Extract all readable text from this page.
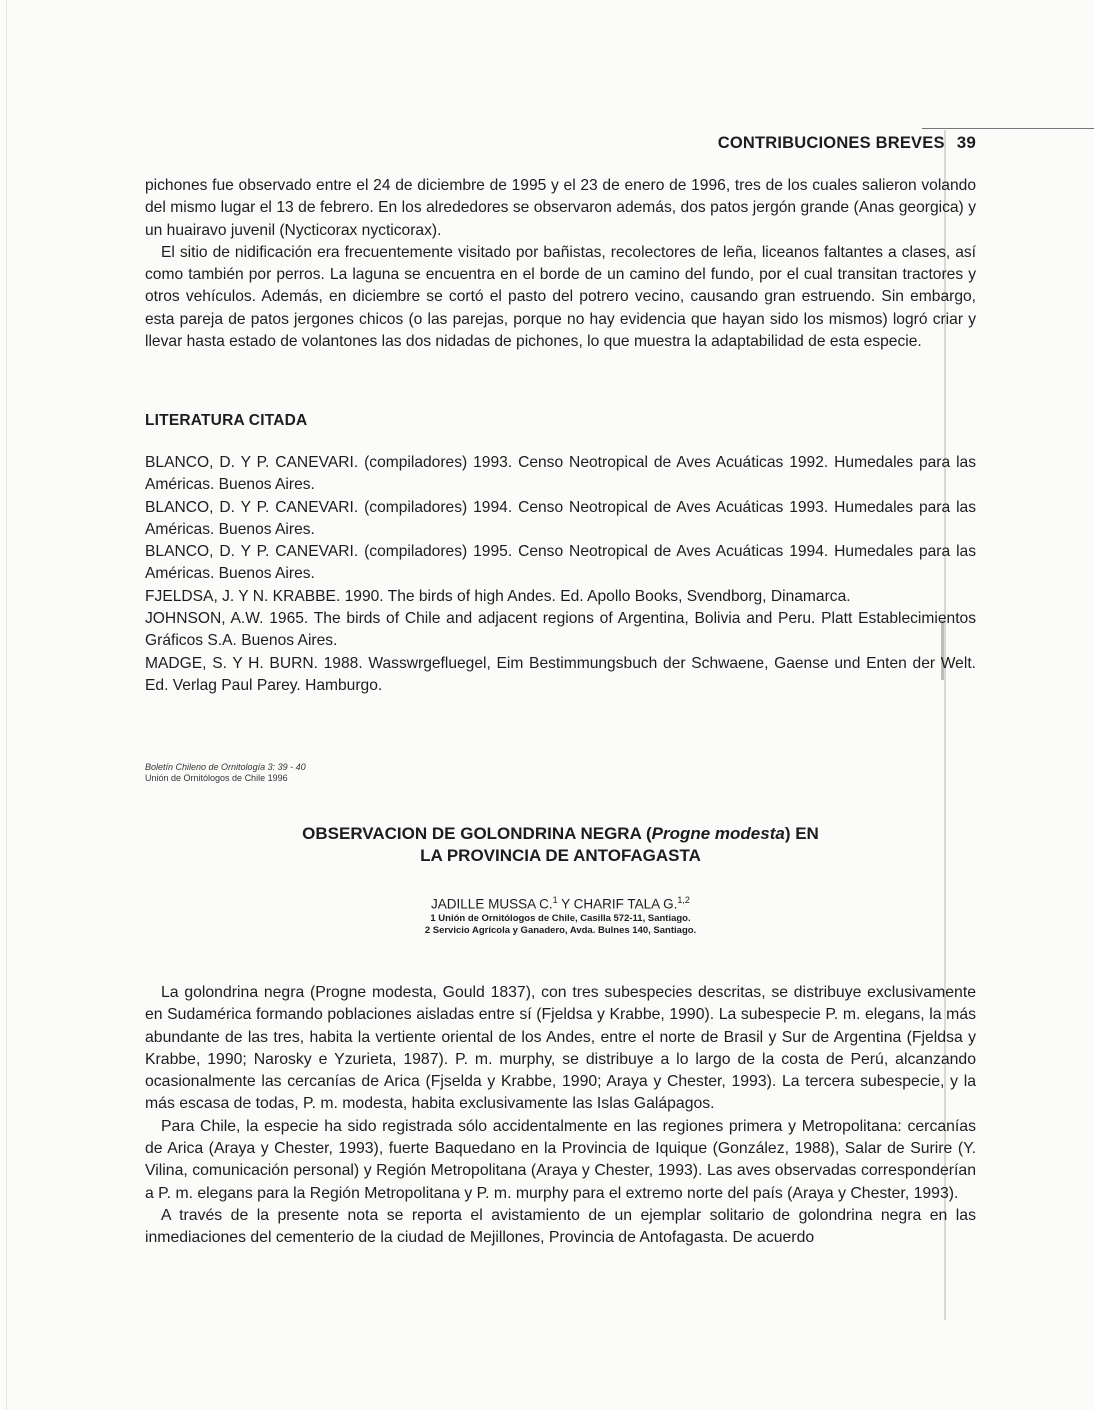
CONTRIBUCIONES BREVES 39

pichones fue observado entre el 24 de diciembre de 1995 y el 23 de enero de 1996, tres de los cuales salieron volando del mismo lugar el 13 de febrero. En los alrededores se observaron además, dos patos jergón grande (Anas georgica) y un huairavo juvenil (Nycticorax nycticorax).

El sitio de nidificación era frecuentemente visitado por bañistas, recolectores de leña, liceanos faltantes a clases, así como también por perros. La laguna se encuentra en el borde de un camino del fundo, por el cual transitan tractores y otros vehículos. Además, en diciembre se cortó el pasto del potrero vecino, causando gran estruendo. Sin embargo, esta pareja de patos jergones chicos (o las parejas, porque no hay evidencia que hayan sido los mismos) logró criar y llevar hasta estado de volantones las dos nidadas de pichones, lo que muestra la adaptabilidad de esta especie.

LITERATURA CITADA

BLANCO, D. Y P. CANEVARI. (compiladores) 1993. Censo Neotropical de Aves Acuáticas 1992. Humedales para las Américas. Buenos Aires.

BLANCO, D. Y P. CANEVARI. (compiladores) 1994. Censo Neotropical de Aves Acuáticas 1993. Humedales para las Américas. Buenos Aires.

BLANCO, D. Y P. CANEVARI. (compiladores) 1995. Censo Neotropical de Aves Acuáticas 1994. Humedales para las Américas. Buenos Aires.

FJELDSA, J. Y N. KRABBE. 1990. The birds of high Andes. Ed. Apollo Books, Svendborg, Dinamarca.

JOHNSON, A.W. 1965. The birds of Chile and adjacent regions of Argentina, Bolivia and Peru. Platt Establecimientos Gráficos S.A. Buenos Aires.

MADGE, S. Y H. BURN. 1988. Wasswrgefluegel, Eim Bestimmungsbuch der Schwaene, Gaense und Enten der Welt. Ed. Verlag Paul Parey. Hamburgo.

Boletín Chileno de Ornitología 3: 39 - 40
Unión de Ornitólogos de Chile 1996
OBSERVACION DE GOLONDRINA NEGRA (Progne modesta) EN
LA PROVINCIA DE ANTOFAGASTA
JADILLE MUSSA C.$^1$ Y CHARIF TALA G.$^{1,2}$
1 Unión de Ornitólogos de Chile, Casilla 572-11, Santiago.
2 Servicio Agrícola y Ganadero, Avda. Bulnes 140, Santiago.

La golondrina negra (Progne modesta, Gould 1837), con tres subespecies descritas, se distribuye exclusivamente en Sudamérica formando poblaciones aisladas entre sí (Fjeldsa y Krabbe, 1990). La subespecie P. m. elegans, la más abundante de las tres, habita la vertiente oriental de los Andes, entre el norte de Brasil y Sur de Argentina (Fjeldsa y Krabbe, 1990; Narosky e Yzurieta, 1987). P. m. murphy, se distribuye a lo largo de la costa de Perú, alcanzando ocasionalmente las cercanías de Arica (Fjselda y Krabbe, 1990; Araya y Chester, 1993). La tercera subespecie, y la más escasa de todas, P. m. modesta, habita exclusivamente las Islas Galápagos.

Para Chile, la especie ha sido registrada sólo accidentalmente en las regiones primera y Metropolitana: cercanías de Arica (Araya y Chester, 1993), fuerte Baquedano en la Provincia de Iquique (González, 1988), Salar de Surire (Y. Vilina, comunicación personal) y Región Metropolitana (Araya y Chester, 1993). Las aves observadas corresponderían a P. m. elegans para la Región Metropolitana y P. m. murphy para el extremo norte del país (Araya y Chester, 1993).

A través de la presente nota se reporta el avistamiento de un ejemplar solitario de golondrina negra en las inmediaciones del cementerio de la ciudad de Mejillones, Provincia de Antofagasta. De acuerdo
